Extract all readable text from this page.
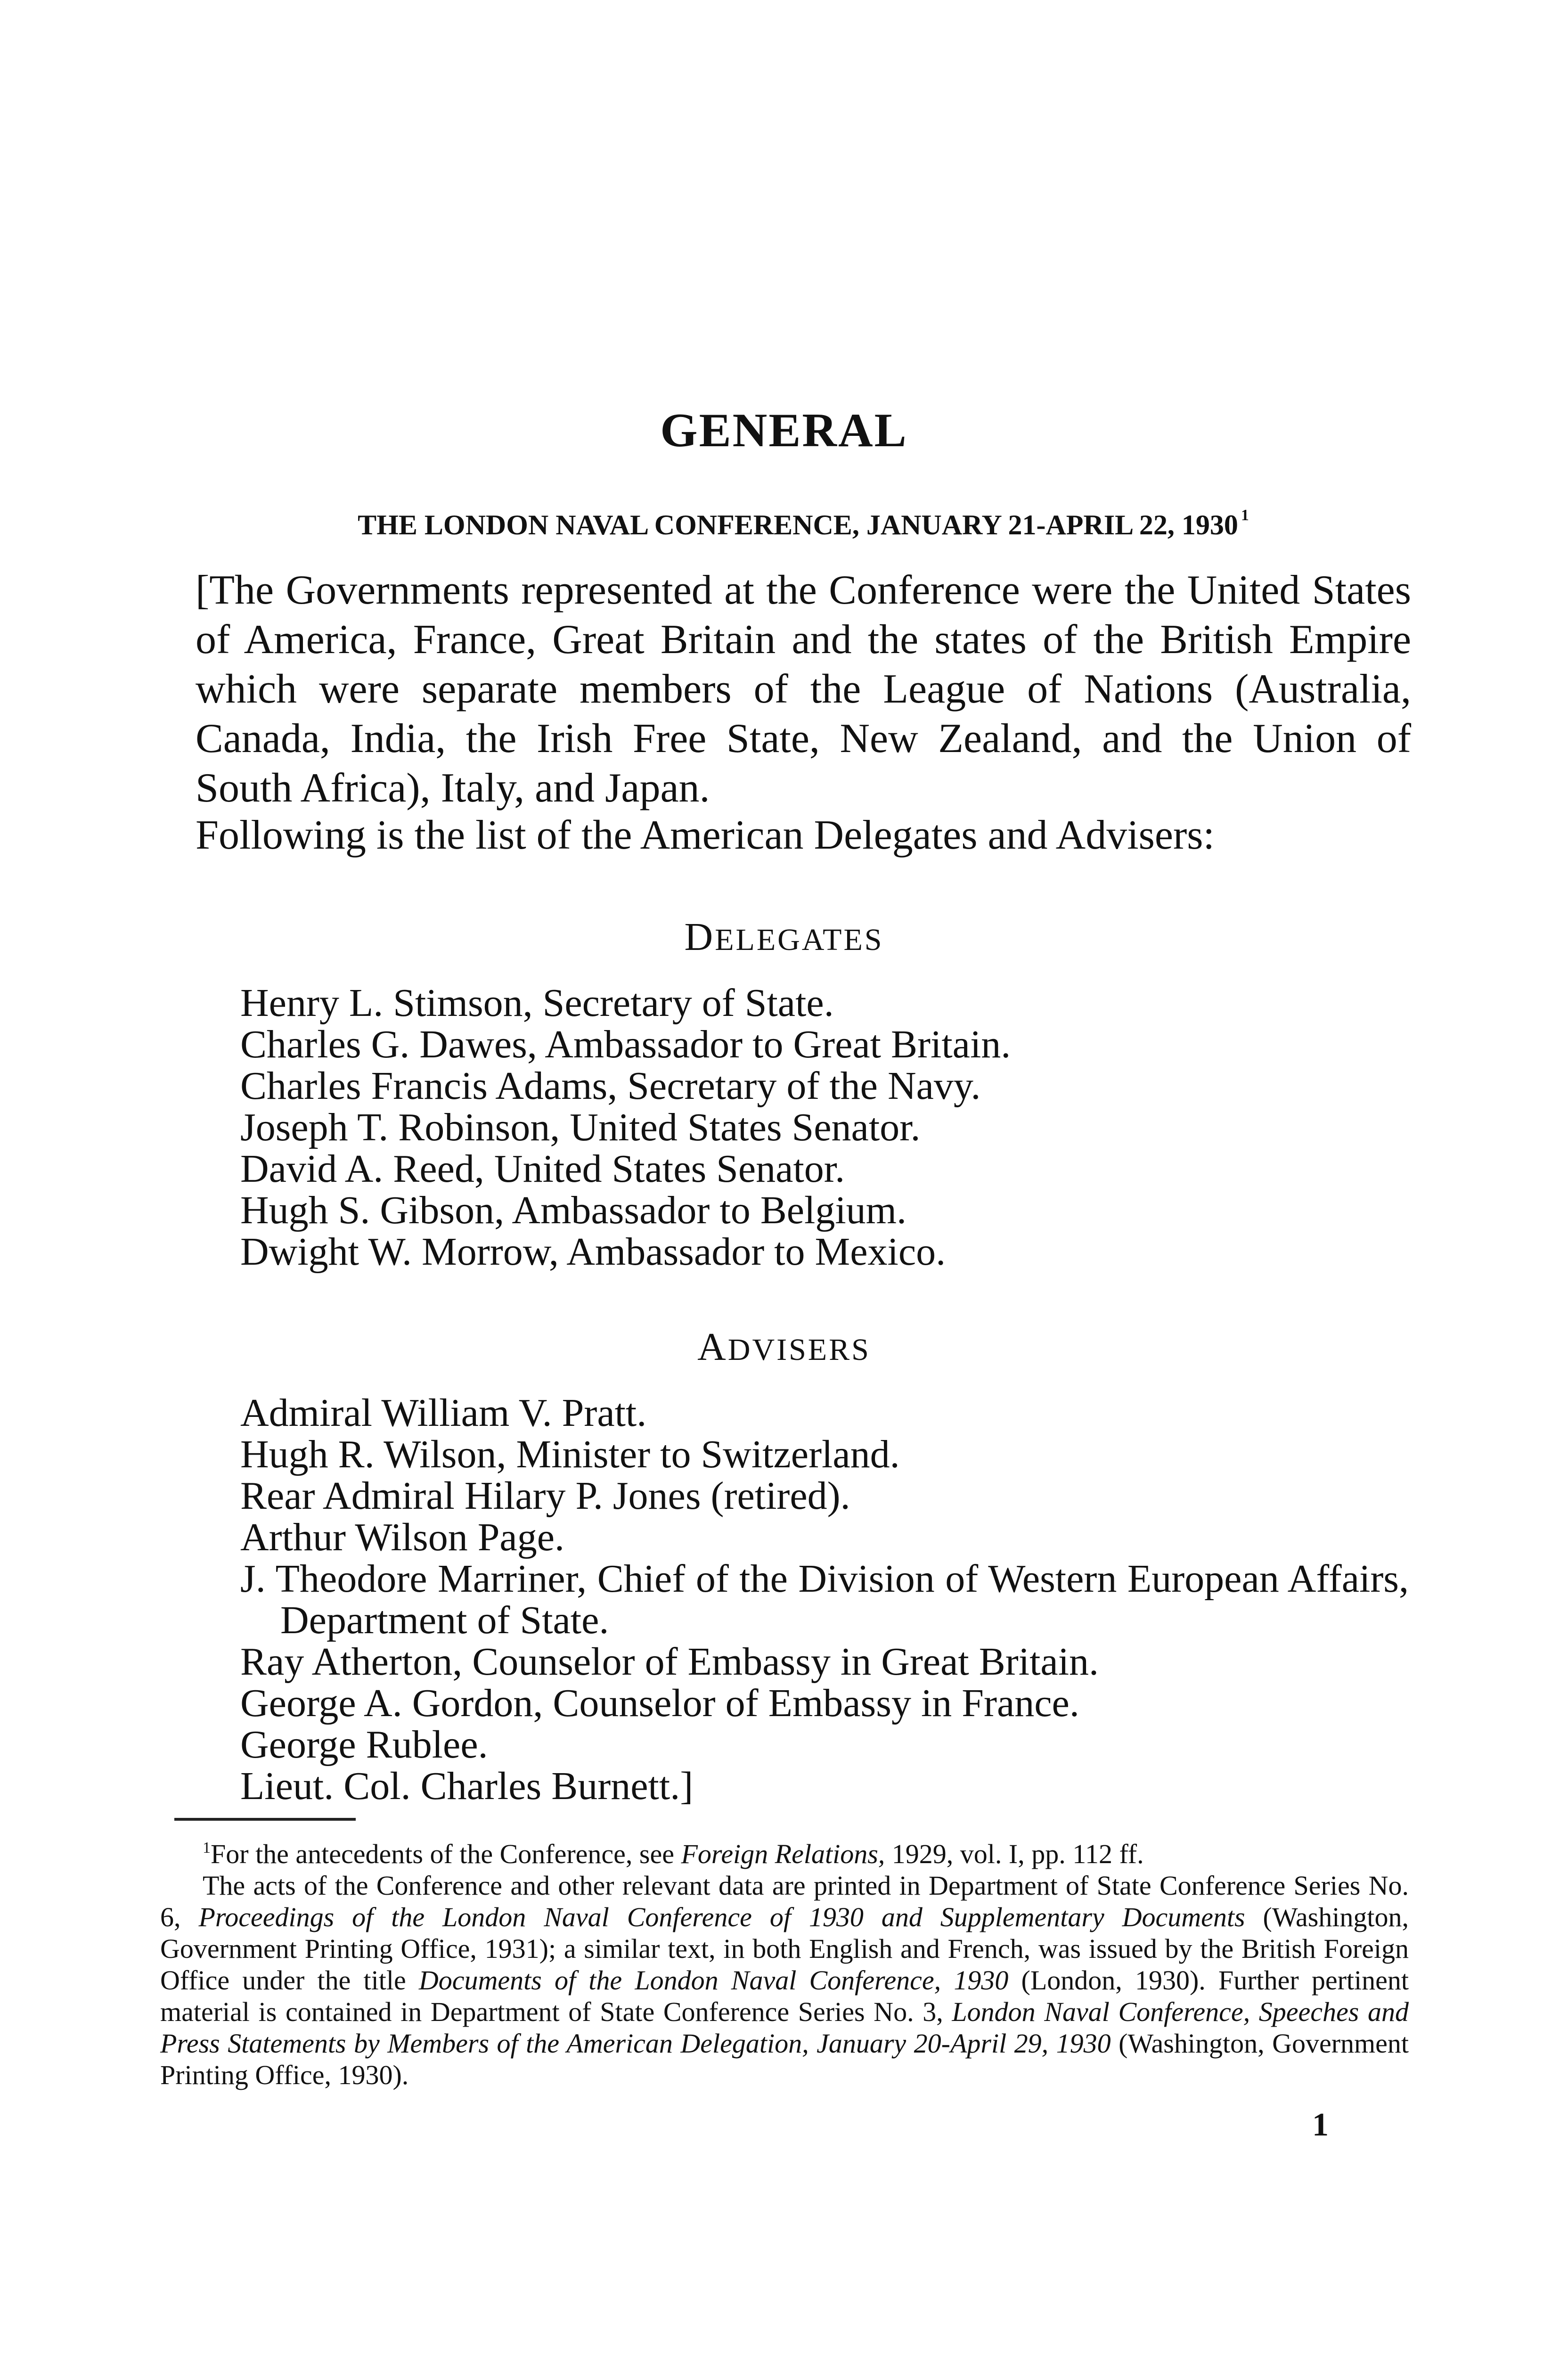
GENERAL
THE LONDON NAVAL CONFERENCE, JANUARY 21-APRIL 22, 1930 $^1$

[The Governments represented at the Conference were the United States of America, France, Great Britain and the states of the British Empire which were separate members of the League of Nations (Australia, Canada, India, the Irish Free State, New Zealand, and the Union of South Africa), Italy, and Japan.

Following is the list of the American Delegates and Advisers:

DELEGATES
Henry L. Stimson, Secretary of State.
Charles G. Dawes, Ambassador to Great Britain.
Charles Francis Adams, Secretary of the Navy.
Joseph T. Robinson, United States Senator.
David A. Reed, United States Senator.
Hugh S. Gibson, Ambassador to Belgium.
Dwight W. Morrow, Ambassador to Mexico.
ADVISERS
Admiral William V. Pratt.
Hugh R. Wilson, Minister to Switzerland.
Rear Admiral Hilary P. Jones (retired).
Arthur Wilson Page.
J. Theodore Marriner, Chief of the Division of Western European Affairs, Department of State.
Ray Atherton, Counselor of Embassy in Great Britain.
George A. Gordon, Counselor of Embassy in France.
George Rublee.
Lieut. Col. Charles Burnett.]

$^1$For the antecedents of the Conference, see Foreign Relations, 1929, vol. I, pp. 112 ff.

The acts of the Conference and other relevant data are printed in Department of State Conference Series No. 6, Proceedings of the London Naval Conference of 1930 and Supplementary Documents (Washington, Government Printing Office, 1931); a similar text, in both English and French, was issued by the British Foreign Office under the title Documents of the London Naval Conference, 1930 (London, 1930). Further pertinent material is contained in Department of State Conference Series No. 3, London Naval Conference, Speeches and Press Statements by Members of the American Delegation, January 20-April 29, 1930 (Washington, Government Printing Office, 1930).

1
